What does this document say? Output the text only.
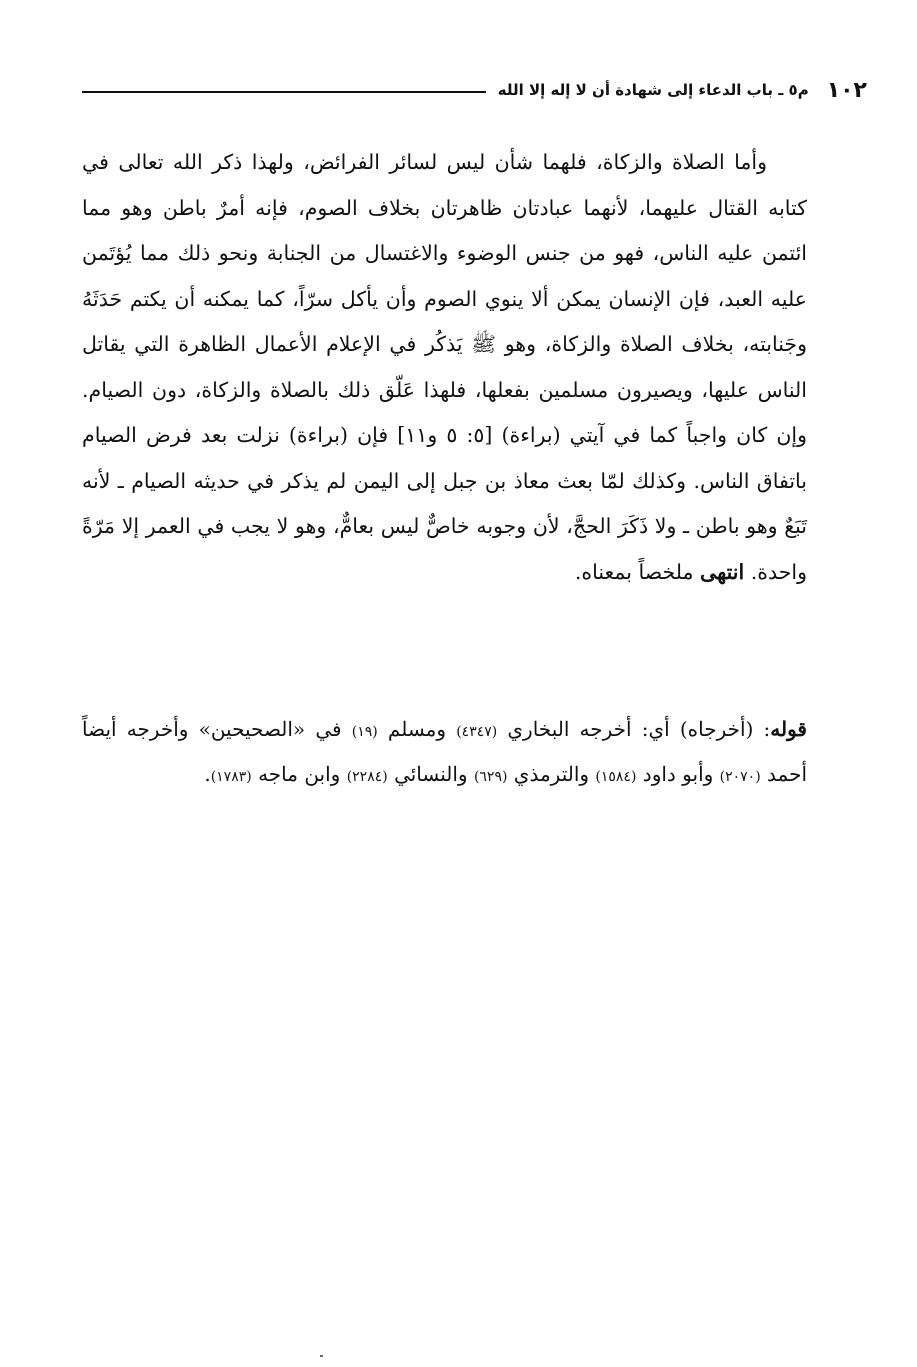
١٠٢
م٥ ـ باب الدعاء إلى شهادة أن لا إله إلا الله

وأما الصلاة والزكاة، فلهما شأن ليس لسائر الفرائض، ولهذا ذكر الله تعالى في كتابه القتال عليهما، لأنهما عبادتان ظاهرتان بخلاف الصوم، فإنه أمرٌ باطن وهو مما ائتمن عليه الناس، فهو من جنس الوضوء والاغتسال من الجنابة ونحو ذلك مما يُؤتَمن عليه العبد، فإن الإنسان يمكن ألا ينوي الصوم وأن يأكل سرّاً، كما يمكنه أن يكتم حَدَثَهُ وجَنابته، بخلاف الصلاة والزكاة، وهو ﷺ يَذكُر في الإعلام الأعمال الظاهرة التي يقاتل الناس عليها، ويصيرون مسلمين بفعلها، فلهذا عَلّق ذلك بالصلاة والزكاة، دون الصيام. وإن كان واجباً كما في آيتي (براءة) [٥: ٥ و١١] فإن (براءة) نزلت بعد فرض الصيام باتفاق الناس. وكذلك لمّا بعث معاذ بن جبل إلى اليمن لم يذكر في حديثه الصيام ـ لأنه تَبَعٌ وهو باطن ـ ولا ذَكَرَ الحجَّ، لأن وجوبه خاصٌّ ليس بعامٌّ، وهو لا يجب في العمر إلا مَرّةً واحدة. انتهى ملخصاً بمعناه.

قوله: (أخرجاه) أي: أخرجه البخاري (٤٣٤٧) ومسلم (١٩) في «الصحيحين» وأخرجه أيضاً أحمد (٢٠٧٠) وأبو داود (١٥٨٤) والترمذي (٦٢٩) والنسائي (٢٢٨٤) وابن ماجه (١٧٨٣).
